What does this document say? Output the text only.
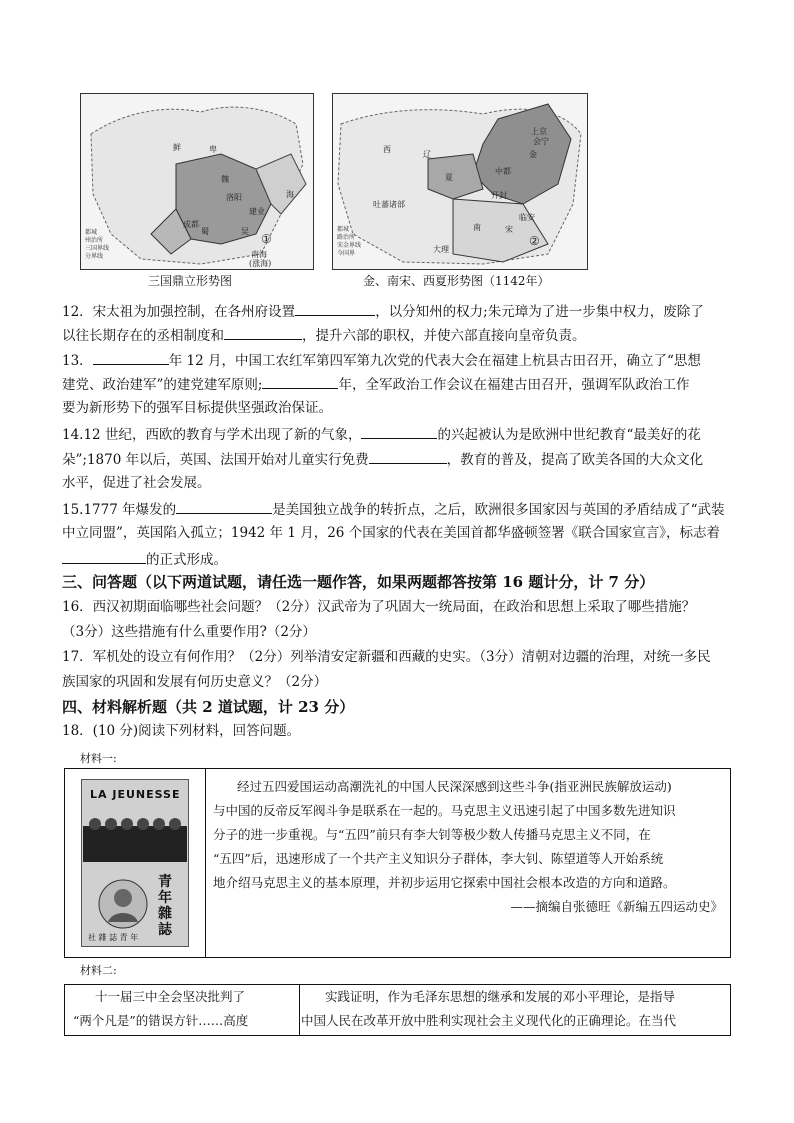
鲜	卑
魏
洛阳
成都
蜀	吴
建业
南海
(涨海)
海
都城
州治所
三国界线
分界线
①
三国鼎立形势图
西
辽
夏
金
上京
会宁
中都
开封
南	宋
临安
吐蕃诸部
大理
都城
路治所
宋金界线
今国界
②
金、南宋、西夏形势图（1142年）
12．宋太祖为加强控制，在各州府设置	，以分知州的权力;朱元璋为了进一步集中权力，废除了
以往长期存在的丞相制度和	，提升六部的职权，并使六部直接向皇帝负责。
13．	年 12 月，中国工农红军第四军第九次党的代表大会在福建上杭县古田召开，确立了“思想
建党、政治建军”的建党建军原则;	年，全军政治工作会议在福建古田召开，强调军队政治工作
要为新形势下的强军目标提供坚强政治保证。
14.12 世纪，西欧的教育与学术出现了新的气象，	的兴起被认为是欧洲中世纪教育“最美好的花
朵”;1870 年以后，英国、法国开始对儿童实行免费	，教育的普及，提高了欧美各国的大众文化
水平，促进了社会发展。
15.1777 年爆发的	是美国独立战争的转折点，之后，欧洲很多国家因与英国的矛盾结成了“武装
中立同盟”，英国陷入孤立；1942 年 1 月，26 个国家的代表在美国首都华盛顿签署《联合国家宣言》，标志着
的正式形成。
三、问答题（以下两道试题，请任选一题作答，如果两题都答按第 16 题计分，计 7 分）
16．西汉初期面临哪些社会问题？（2分）汉武帝为了巩固大一统局面，在政治和思想上采取了哪些措施？
（3分）这些措施有什么重要作用?（2分）
17．军机处的设立有何作用？（2分）列举清安定新疆和西藏的史实。（3分）清朝对边疆的治理，对统一多民
族国家的巩固和发展有何历史意义？（2分）
四、材料解析题（共 2 道试题，计 23 分）
18．(10 分)阅读下列材料，回答问题。
材料一:
LA JEUNESSE
青年雜誌
社 雜 誌 青 年
经过五四爱国运动高潮洗礼的中国人民深深感到这些斗争(指亚洲民族解放运动)
与中国的反帝反军阀斗争是联系在一起的。马克思主义迅速引起了中国多数先进知识
分子的进一步重视。与“五四”前只有李大钊等极少数人传播马克思主义不同，在
“五四”后，迅速形成了一个共产主义知识分子群体，李大钊、陈望道等人开始系统
地介绍马克思主义的基本原理，并初步运用它探索中国社会根本改造的方向和道路。
——摘编自张德旺《新编五四运动史》
材料二:
十一届三中全会坚决批判了
“两个凡是”的错误方针……高度
实践证明，作为毛泽东思想的继承和发展的邓小平理论，是指导
中国人民在改革开放中胜利实现社会主义现代化的正确理论。在当代
